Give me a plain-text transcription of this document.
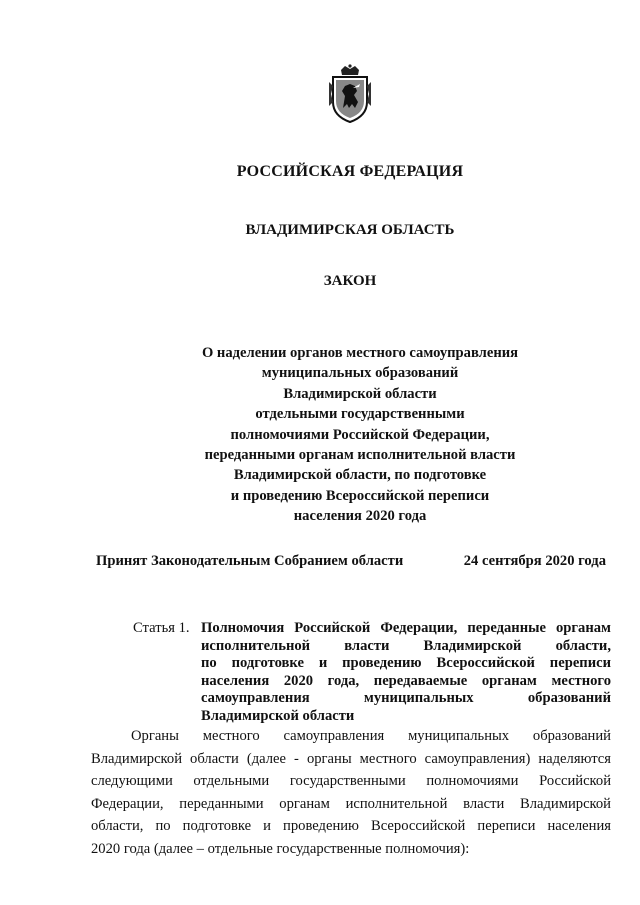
РОССИЙСКАЯ ФЕДЕРАЦИЯ
ВЛАДИМИРСКАЯ ОБЛАСТЬ
ЗАКОН
О наделении органов местного самоуправления
муниципальных образований
Владимирской области
отдельными государственными
полномочиями Российской Федерации,
переданными органам исполнительной власти
Владимирской области, по подготовке
и проведению Всероссийской переписи
населения 2020 года
Принят Законодательным Собранием области	24 сентября 2020 года
Статья 1. Полномочия Российской Федерации, переданные органам
исполнительной власти Владимирской области,
по подготовке и проведению Всероссийской переписи
населения 2020 года, передаваемые органам местного
самоуправления муниципальных образований
Владимирской области
Органы местного самоуправления муниципальных образований
Владимирской области (далее - органы местного самоуправления) наделяются
следующими отдельными государственными полномочиями Российской
Федерации, переданными органам исполнительной власти Владимирской
области, по подготовке и проведению Всероссийской переписи населения
2020 года (далее – отдельные государственные полномочия):
